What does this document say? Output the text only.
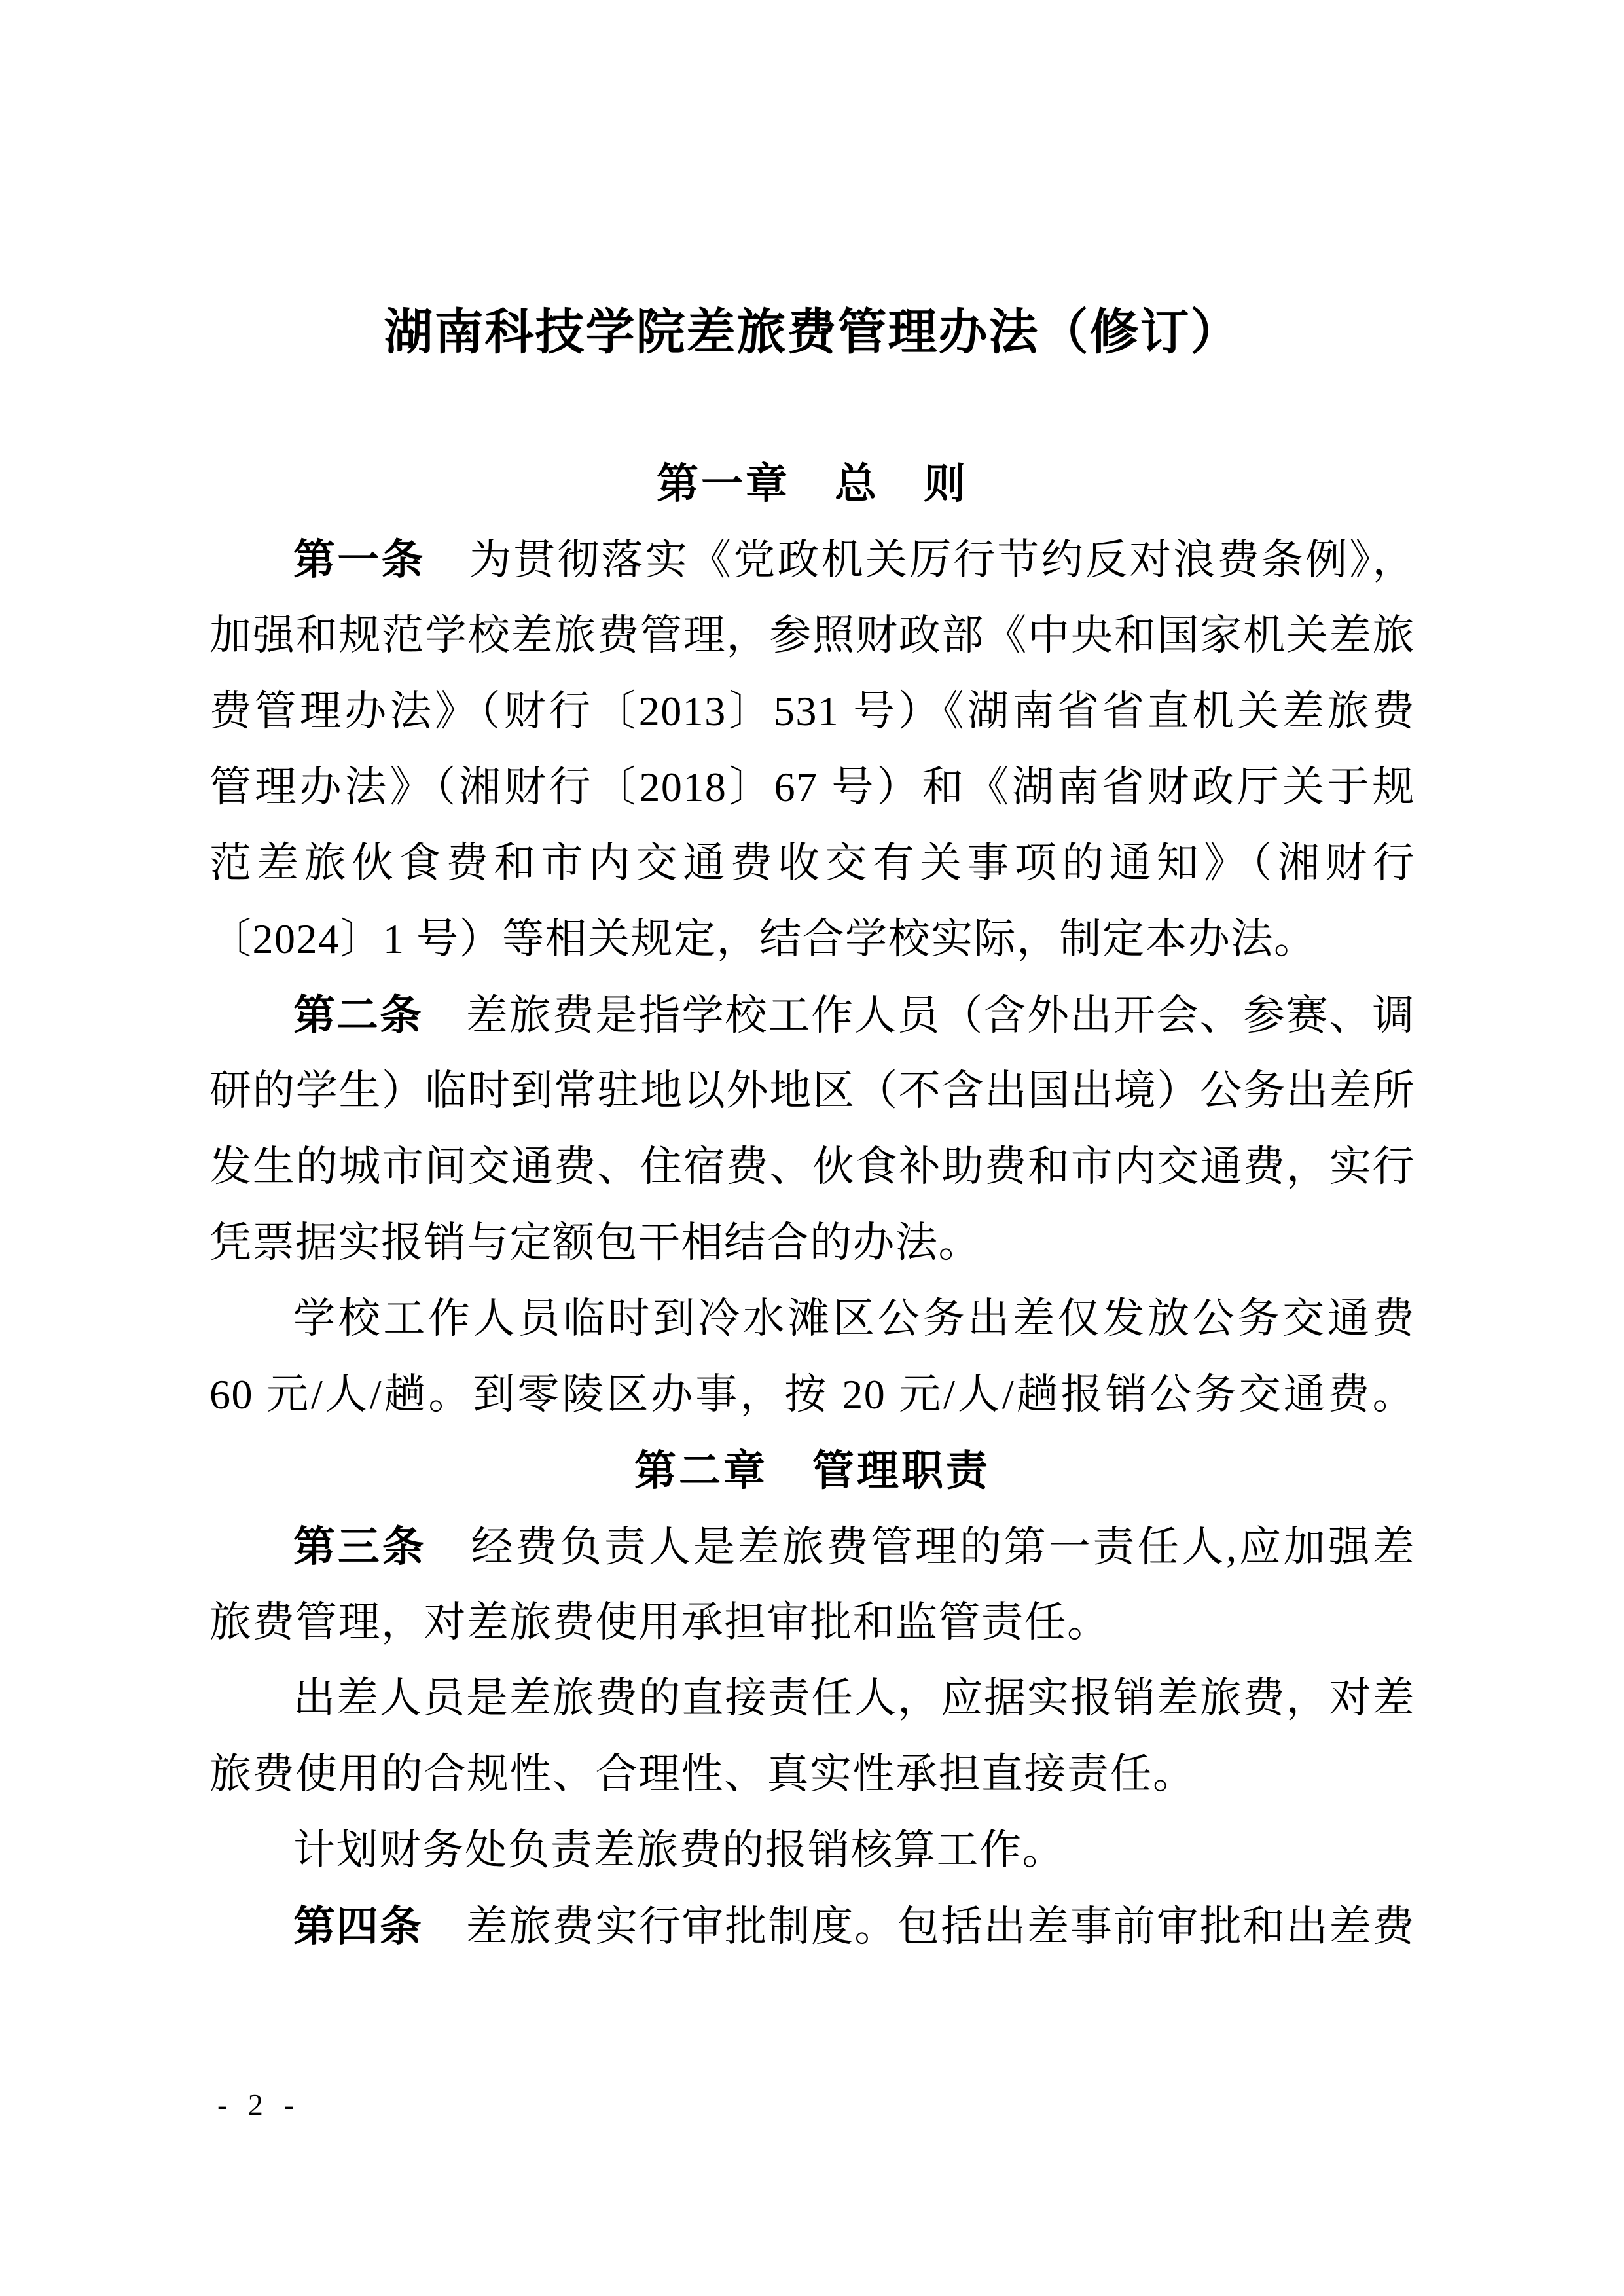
湖南科技学院差旅费管理办法（修订）
第一章　总　则
第一条　为贯彻落实《党政机关厉行节约反对浪费条例》，
加强和规范学校差旅费管理，参照财政部《中央和国家机关差旅
费管理办法》（财行〔2013〕531 号）《湖南省省直机关差旅费
管理办法》（湘财行〔2018〕67 号）和《湖南省财政厅关于规
范差旅伙食费和市内交通费收交有关事项的通知》（湘财行
〔2024〕1 号）等相关规定，结合学校实际，制定本办法。
第二条　差旅费是指学校工作人员（含外出开会、参赛、调
研的学生）临时到常驻地以外地区（不含出国出境）公务出差所
发生的城市间交通费、住宿费、伙食补助费和市内交通费，实行
凭票据实报销与定额包干相结合的办法。
学校工作人员临时到冷水滩区公务出差仅发放公务交通费
60 元/人/趟。到零陵区办事，按 20 元/人/趟报销公务交通费。
第二章　管理职责
第三条　经费负责人是差旅费管理的第一责任人,应加强差
旅费管理，对差旅费使用承担审批和监管责任。
出差人员是差旅费的直接责任人，应据实报销差旅费，对差
旅费使用的合规性、合理性、真实性承担直接责任。
计划财务处负责差旅费的报销核算工作。
第四条　差旅费实行审批制度。包括出差事前审批和出差费
- 2 -
